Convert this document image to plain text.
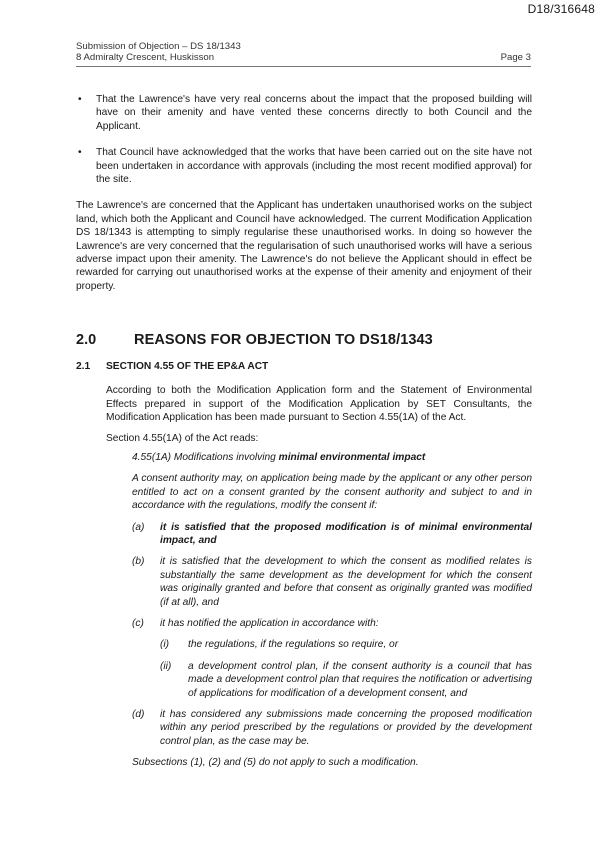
D18/316648
Submission of Objection – DS 18/1343
8 Admiralty Crescent, Huskisson	Page 3
• That the Lawrence's have very real concerns about the impact that the proposed building will have on their amenity and have vented these concerns directly to both Council and the Applicant.
• That Council have acknowledged that the works that have been carried out on the site have not been undertaken in accordance with approvals (including the most recent modified approval) for the site.
The Lawrence's are concerned that the Applicant has undertaken unauthorised works on the subject land, which both the Applicant and Council have acknowledged. The current Modification Application DS 18/1343 is attempting to simply regularise these unauthorised works. In doing so however the Lawrence's are very concerned that the regularisation of such unauthorised works will have a serious adverse impact upon their amenity. The Lawrence's do not believe the Applicant should in effect be rewarded for carrying out unauthorised works at the expense of their amenity and enjoyment of their property.
2.0	REASONS FOR OBJECTION TO DS18/1343
2.1	SECTION 4.55 OF THE EP&A ACT
According to both the Modification Application form and the Statement of Environmental Effects prepared in support of the Modification Application by SET Consultants, the Modification Application has been made pursuant to Section 4.55(1A) of the Act.
Section 4.55(1A) of the Act reads:
4.55(1A) Modifications involving minimal environmental impact
A consent authority may, on application being made by the applicant or any other person entitled to act on a consent granted by the consent authority and subject to and in accordance with the regulations, modify the consent if:
(a) it is satisfied that the proposed modification is of minimal environmental impact, and
(b) it is satisfied that the development to which the consent as modified relates is substantially the same development as the development for which the consent was originally granted and before that consent as originally granted was modified (if at all), and
(c) it has notified the application in accordance with:
(i) the regulations, if the regulations so require, or
(ii) a development control plan, if the consent authority is a council that has made a development control plan that requires the notification or advertising of applications for modification of a development consent, and
(d) it has considered any submissions made concerning the proposed modification within any period prescribed by the regulations or provided by the development control plan, as the case may be.
Subsections (1), (2) and (5) do not apply to such a modification.
